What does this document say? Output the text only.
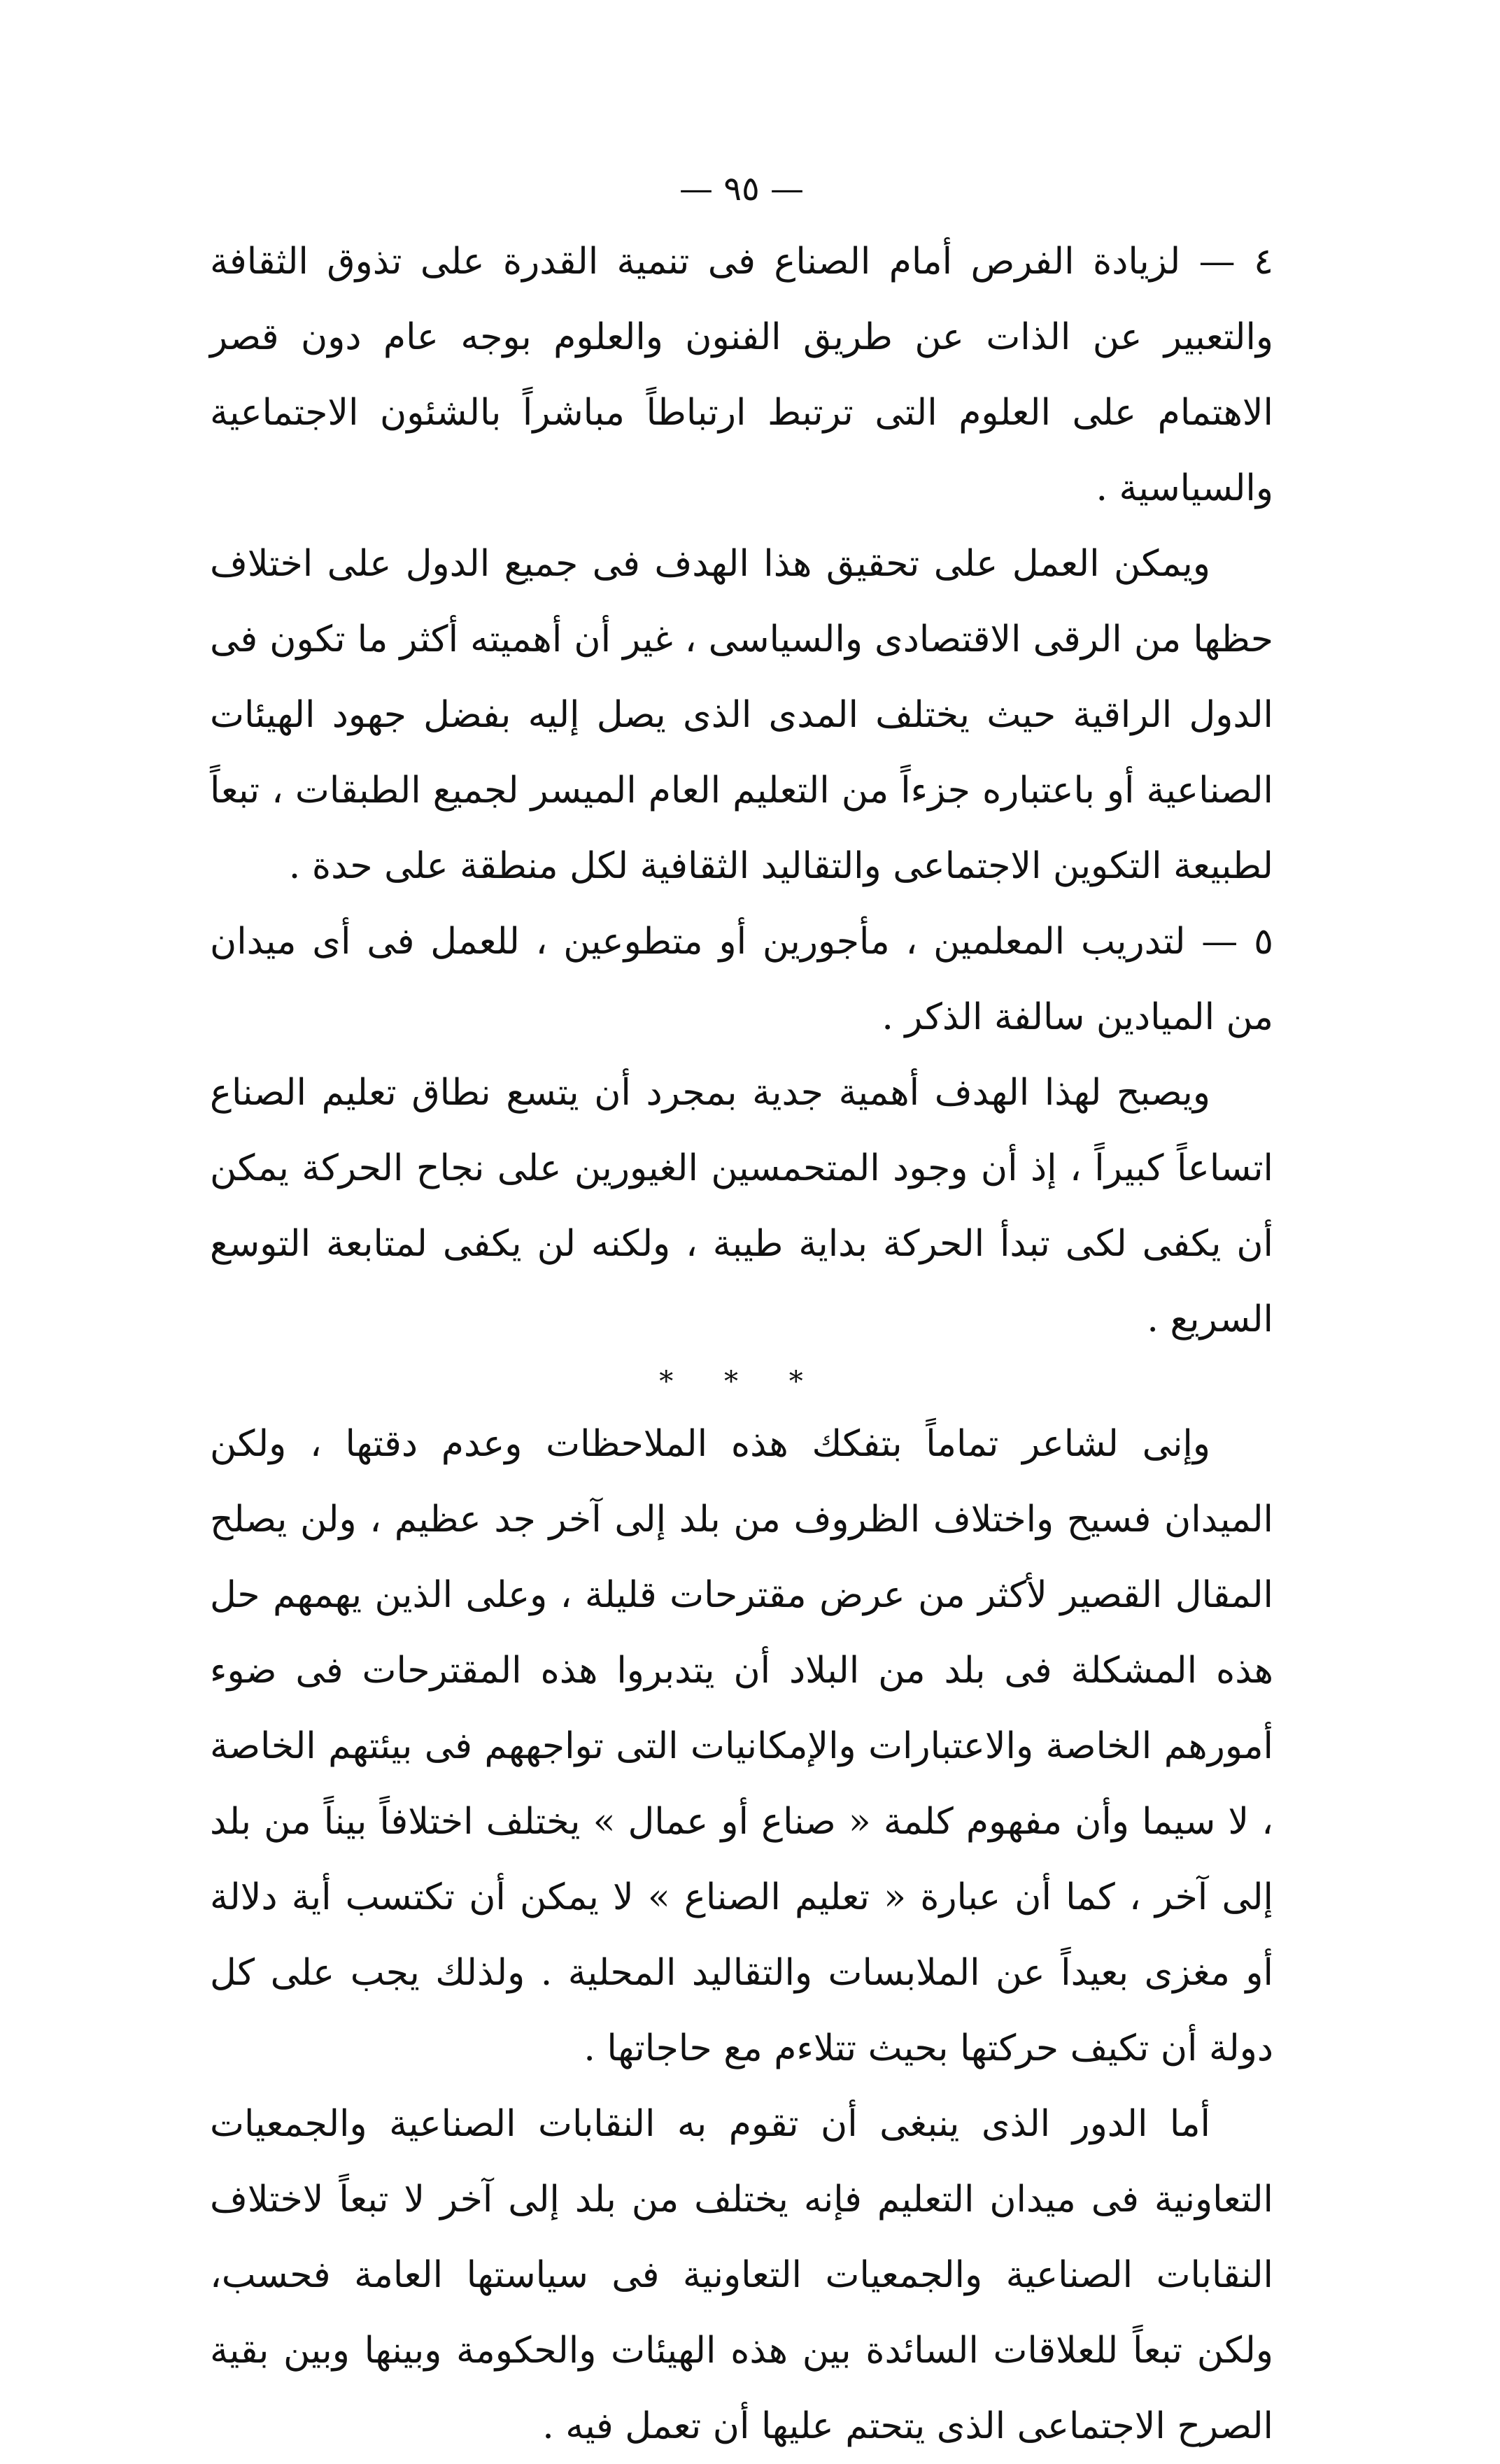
— ٩٥ —

٤ — لزيادة الفرص أمام الصناع فى تنمية القدرة على تذوق الثقافة والتعبير عن الذات عن طريق الفنون والعلوم بوجه عام دون قصر الاهتمام على العلوم التى ترتبط ارتباطاً مباشراً بالشئون الاجتماعية والسياسية .

ويمكن العمل على تحقيق هذا الهدف فى جميع الدول على اختلاف حظها من الرقى الاقتصادى والسياسى ، غير أن أهميته أكثر ما تكون فى الدول الراقية حيث يختلف المدى الذى يصل إليه بفضل جهود الهيئات الصناعية أو باعتباره جزءاً من التعليم العام الميسر لجميع الطبقات ، تبعاً لطبيعة التكوين الاجتماعى والتقاليد الثقافية لكل منطقة على حدة .

٥ — لتدريب المعلمين ، مأجورين أو متطوعين ، للعمل فى أى ميدان من الميادين سالفة الذكر .

ويصبح لهذا الهدف أهمية جدية بمجرد أن يتسع نطاق تعليم الصناع اتساعاً كبيراً ، إذ أن وجود المتحمسين الغيورين على نجاح الحركة يمكن أن يكفى لكى تبدأ الحركة بداية طيبة ، ولكنه لن يكفى لمتابعة التوسع السريع .

* * *

وإنى لشاعر تماماً بتفكك هذه الملاحظات وعدم دقتها ، ولكن الميدان فسيح واختلاف الظروف من بلد إلى آخر جد عظيم ، ولن يصلح المقال القصير لأكثر من عرض مقترحات قليلة ، وعلى الذين يهمهم حل هذه المشكلة فى بلد من البلاد أن يتدبروا هذه المقترحات فى ضوء أمورهم الخاصة والاعتبارات والإمكانيات التى تواجههم فى بيئتهم الخاصة ، لا سيما وأن مفهوم كلمة « صناع أو عمال » يختلف اختلافاً بيناً من بلد إلى آخر ، كما أن عبارة « تعليم الصناع » لا يمكن أن تكتسب أية دلالة أو مغزى بعيداً عن الملابسات والتقاليد المحلية . ولذلك يجب على كل دولة أن تكيف حركتها بحيث تتلاءم مع حاجاتها .

أما الدور الذى ينبغى أن تقوم به النقابات الصناعية والجمعيات التعاونية فى ميدان التعليم فإنه يختلف من بلد إلى آخر لا تبعاً لاختلاف النقابات الصناعية والجمعيات التعاونية فى سياستها العامة فحسب، ولكن تبعاً للعلاقات السائدة بين هذه الهيئات والحكومة وبينها وبين بقية الصرح الاجتماعى الذى يتحتم عليها أن تعمل فيه .
